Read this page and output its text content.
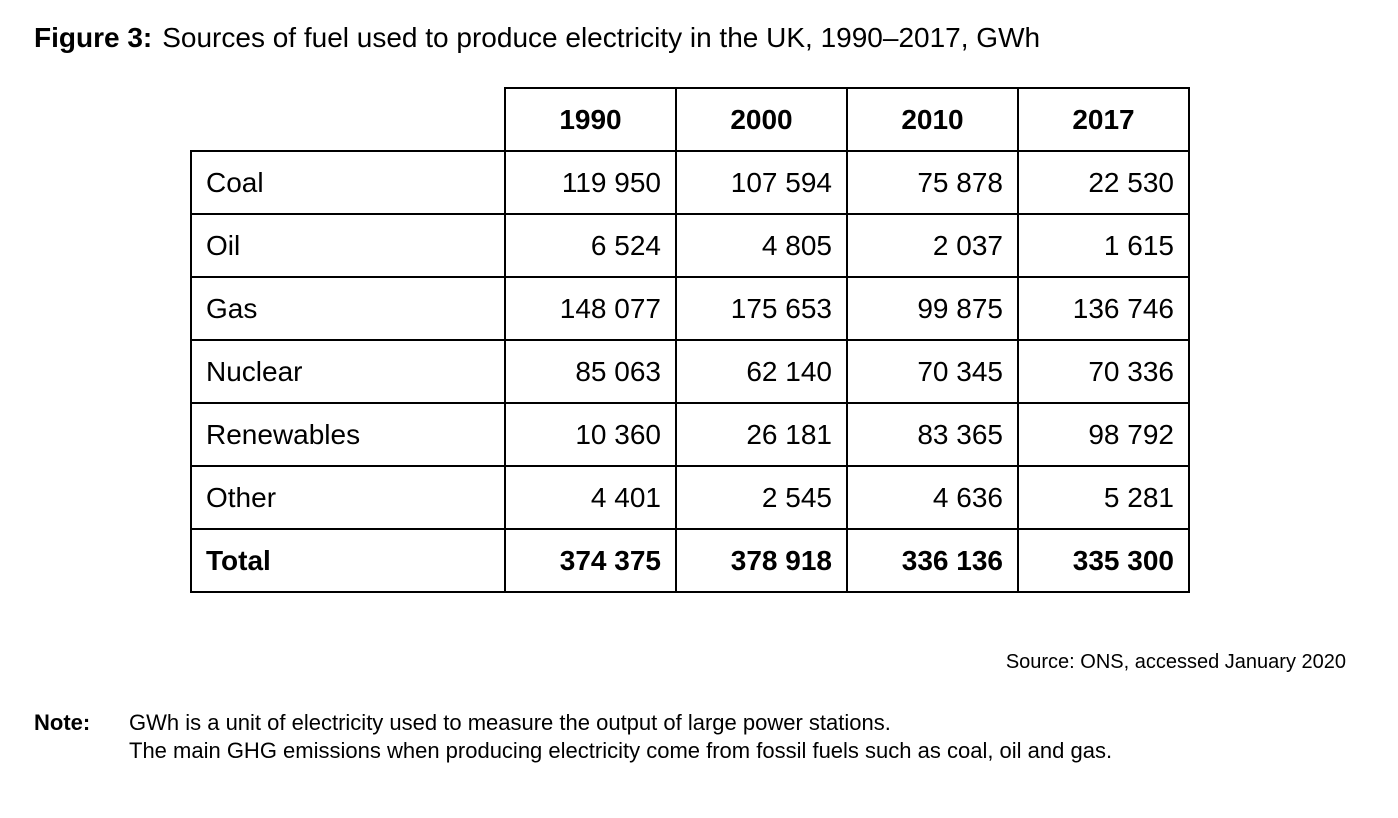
Figure 3: Sources of fuel used to produce electricity in the UK, 1990–2017, GWh
	1990	2000	2010	2017
Coal	119 950	107 594	75 878	22 530
Oil	6 524	4 805	2 037	1 615
Gas	148 077	175 653	99 875	136 746
Nuclear	85 063	62 140	70 345	70 336
Renewables	10 360	26 181	83 365	98 792
Other	4 401	2 545	4 636	5 281
Total	374 375	378 918	336 136	335 300
Source: ONS, accessed January 2020
Note: GWh is a unit of electricity used to measure the output of large power stations.
The main GHG emissions when producing electricity come from fossil fuels such as coal, oil and gas.
